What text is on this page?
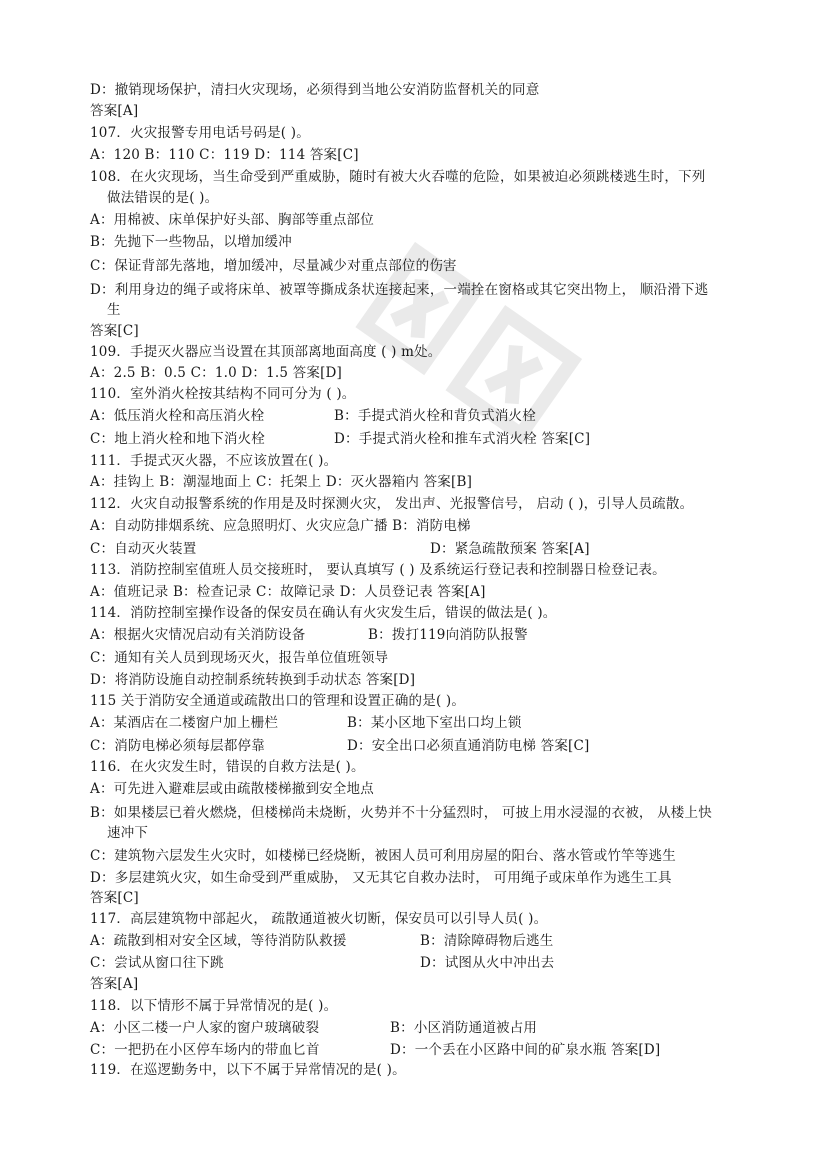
D：撤销现场保护，清扫火灾现场，必须得到当地公安消防监督机关的同意
答案[A]
107．火灾报警专用电话号码是( )。
A：120 B：110 C：119 D：114 答案[C]
108．在火灾现场，当生命受到严重威胁，随时有被大火吞噬的危险，如果被迫必须跳楼逃生时，下列
做法错误的是( )。
A：用棉被、床单保护好头部、胸部等重点部位
B：先抛下一些物品，以增加缓冲
C：保证背部先落地，增加缓冲，尽量减少对重点部位的伤害
D：利用身边的绳子或将床单、被罩等撕成条状连接起来，一端拴在窗格或其它突出物上， 顺沿滑下逃
生
答案[C]
109．手提灭火器应当设置在其顶部离地面高度 ( ) m处。
A：2.5 B：0.5 C：1.0 D：1.5 答案[D]
110．室外消火栓按其结构不同可分为 ( )。
A：低压消火栓和高压消火栓	B：手提式消火栓和背负式消火栓
C：地上消火栓和地下消火栓	D：手提式消火栓和推车式消火栓 答案[C]
111．手提式灭火器，不应该放置在( )。
A：挂钩上 B：潮湿地面上 C：托架上 D：灭火器箱内 答案[B]
112．火灾自动报警系统的作用是及时探测火灾， 发出声、光报警信号， 启动 ( )，引导人员疏散。
A：自动防排烟系统、应急照明灯、火灾应急广播 B：消防电梯
C：自动灭火装置	D：紧急疏散预案 答案[A]
113．消防控制室值班人员交接班时， 要认真填写 ( ) 及系统运行登记表和控制器日检登记表。
A：值班记录 B：检查记录 C：故障记录 D：人员登记表 答案[A]
114．消防控制室操作设备的保安员在确认有火灾发生后，错误的做法是( )。
A：根据火灾情况启动有关消防设备	B：拨打119向消防队报警
C：通知有关人员到现场灭火，报告单位值班领导
D：将消防设施自动控制系统转换到手动状态 答案[D]
115 关于消防安全通道或疏散出口的管理和设置正确的是( )。
A：某酒店在二楼窗户加上栅栏	B：某小区地下室出口均上锁
C：消防电梯必须每层都停靠	D：安全出口必须直通消防电梯 答案[C]
116．在火灾发生时，错误的自救方法是( )。
A：可先进入避难层或由疏散楼梯撤到安全地点
B：如果楼层已着火燃烧，但楼梯尚未烧断，火势并不十分猛烈时， 可披上用水浸湿的衣被， 从楼上快
速冲下
C：建筑物六层发生火灾时，如楼梯已经烧断，被困人员可利用房屋的阳台、落水管或竹竿等逃生
D：多层建筑火灾，如生命受到严重威胁， 又无其它自救办法时， 可用绳子或床单作为逃生工具
答案[C]
117．高层建筑物中部起火， 疏散通道被火切断，保安员可以引导人员( )。
A：疏散到相对安全区域，等待消防队救援	B：清除障碍物后逃生
C：尝试从窗口往下跳	D：试图从火中冲出去
答案[A]
118．以下情形不属于异常情况的是( )。
A：小区二楼一户人家的窗户玻璃破裂	B：小区消防通道被占用
C：一把扔在小区停车场内的带血匕首	D：一个丢在小区路中间的矿泉水瓶 答案[D]
119．在巡逻勤务中，以下不属于异常情况的是( )。
